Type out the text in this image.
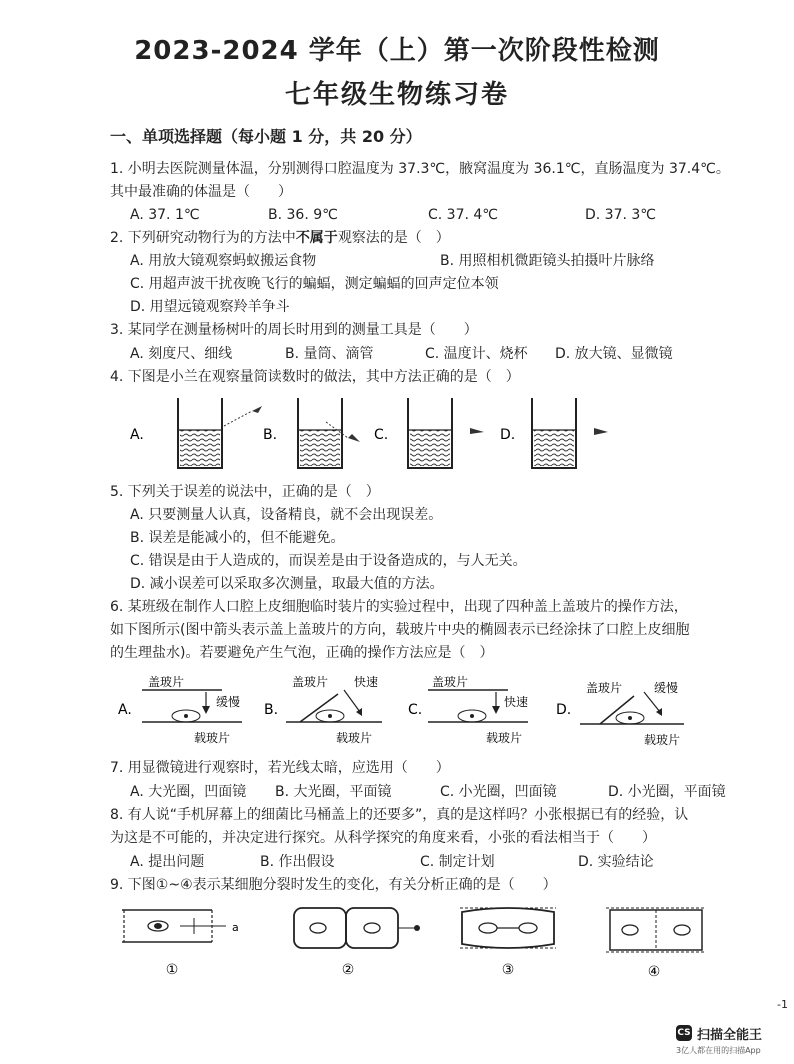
2023-2024 学年（上）第一次阶段性检测
七年级生物练习卷
一、单项选择题（每小题 1 分，共 20 分）
1. 小明去医院测量体温，分别测得口腔温度为 37.3℃，腋窝温度为 36.1℃，直肠温度为 37.4℃。
其中最准确的体温是（　　）
A. 37. 1℃	B. 36. 9℃	C. 37. 4℃	D. 37. 3℃
2. 下列研究动物行为的方法中不属于观察法的是（　）
A. 用放大镜观察蚂蚁搬运食物	B. 用照相机微距镜头拍摄叶片脉络
C. 用超声波干扰夜晚飞行的蝙蝠，测定蝙蝠的回声定位本领
D. 用望远镜观察羚羊争斗
3. 某同学在测量杨树叶的周长时用到的测量工具是（　　）
A. 刻度尺、细线	B. 量筒、滴管	C. 温度计、烧杯 D. 放大镜、显微镜
4. 下图是小兰在观察量筒读数时的做法，其中方法正确的是（　）
A.	B.	C.	D.
5. 下列关于误差的说法中，正确的是（　）
A. 只要测量人认真，设备精良，就不会出现误差。
B. 误差是能减小的，但不能避免。
C. 错误是由于人造成的，而误差是由于设备造成的，与人无关。
D. 减小误差可以采取多次测量，取最大值的方法。
6. 某班级在制作人口腔上皮细胞临时装片的实验过程中，出现了四种盖上盖玻片的操作方法，
如下图所示(图中箭头表示盖上盖玻片的方向，载玻片中央的椭圆表示已经涂抹了口腔上皮细胞
的生理盐水)。若要避免产生气泡，正确的操作方法应是（　）
A.
盖玻片
缓慢
载玻片
B.
盖玻片 快速
载玻片
C.
盖玻片
快速
载玻片
D.
盖玻片	缓慢
载玻片
7. 用显微镜进行观察时，若光线太暗，应选用（　　）
A. 大光圈，凹面镜 B. 大光圈，平面镜	C. 小光圈，凹面镜	D. 小光圈，平面镜
8. 有人说“手机屏幕上的细菌比马桶盖上的还要多”，真的是这样吗？小张根据已有的经验，认
为这是不可能的，并决定进行探究。从科学探究的角度来看，小张的看法相当于（　　）
A. 提出问题	B. 作出假设	C. 制定计划	D. 实验结论
9. 下图①~④表示某细胞分裂时发生的变化，有关分析正确的是（　　）
a
①	②	③	④
-1
CS 扫描全能王
3亿人都在用的扫描App
